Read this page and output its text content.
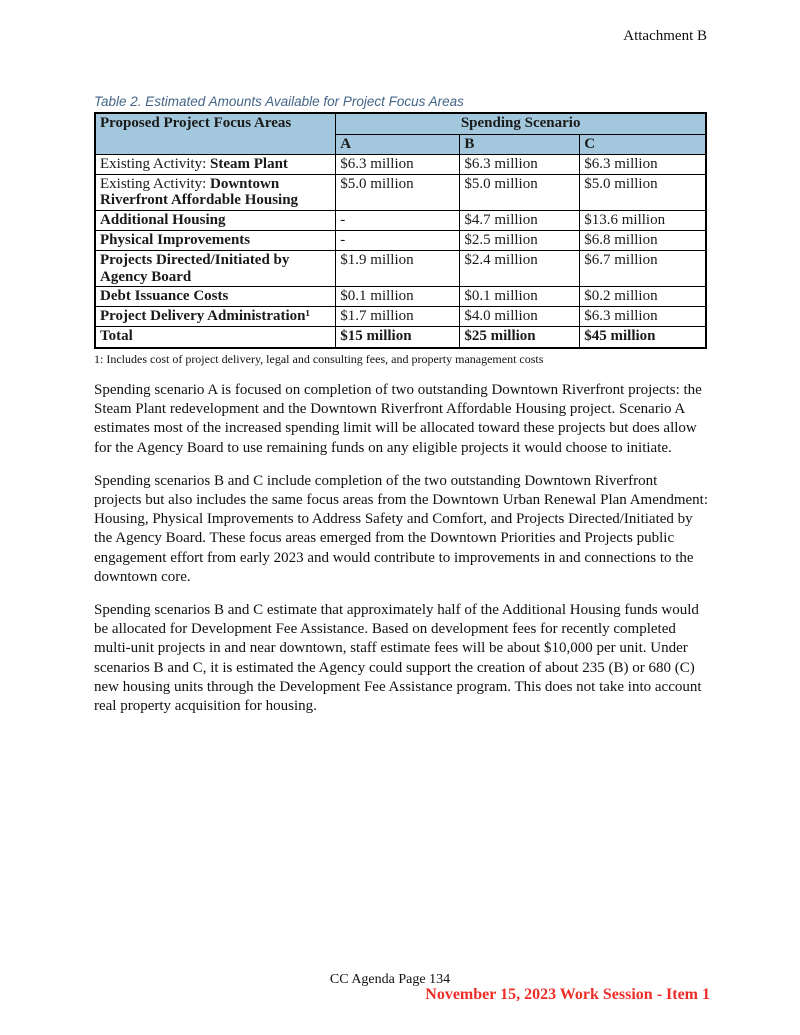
Attachment B
Table 2. Estimated Amounts Available for Project Focus Areas
Proposed Project Focus Areas	Spending Scenario		
	A	B	C
Existing Activity: Steam Plant	$6.3 million	$6.3 million	$6.3 million
Existing Activity: Downtown Riverfront Affordable Housing	$5.0 million	$5.0 million	$5.0 million
Additional Housing	-	$4.7 million	$13.6 million
Physical Improvements	-	$2.5 million	$6.8 million
Projects Directed/Initiated by Agency Board	$1.9 million	$2.4 million	$6.7 million
Debt Issuance Costs	$0.1 million	$0.1 million	$0.2 million
Project Delivery Administration¹	$1.7 million	$4.0 million	$6.3 million
Total	$15 million	$25 million	$45 million
1: Includes cost of project delivery, legal and consulting fees, and property management costs

Spending scenario A is focused on completion of two outstanding Downtown Riverfront projects: the Steam Plant redevelopment and the Downtown Riverfront Affordable Housing project. Scenario A estimates most of the increased spending limit will be allocated toward these projects but does allow for the Agency Board to use remaining funds on any eligible projects it would choose to initiate.

Spending scenarios B and C include completion of the two outstanding Downtown Riverfront projects but also includes the same focus areas from the Downtown Urban Renewal Plan Amendment: Housing, Physical Improvements to Address Safety and Comfort, and Projects Directed/Initiated by the Agency Board. These focus areas emerged from the Downtown Priorities and Projects public engagement effort from early 2023 and would contribute to improvements in and connections to the downtown core.

Spending scenarios B and C estimate that approximately half of the Additional Housing funds would be allocated for Development Fee Assistance. Based on development fees for recently completed multi-unit projects in and near downtown, staff estimate fees will be about $10,000 per unit. Under scenarios B and C, it is estimated the Agency could support the creation of about 235 (B) or 680 (C) new housing units through the Development Fee Assistance program. This does not take into account real property acquisition for housing.

CC Agenda Page 134
November 15, 2023 Work Session - Item 1
